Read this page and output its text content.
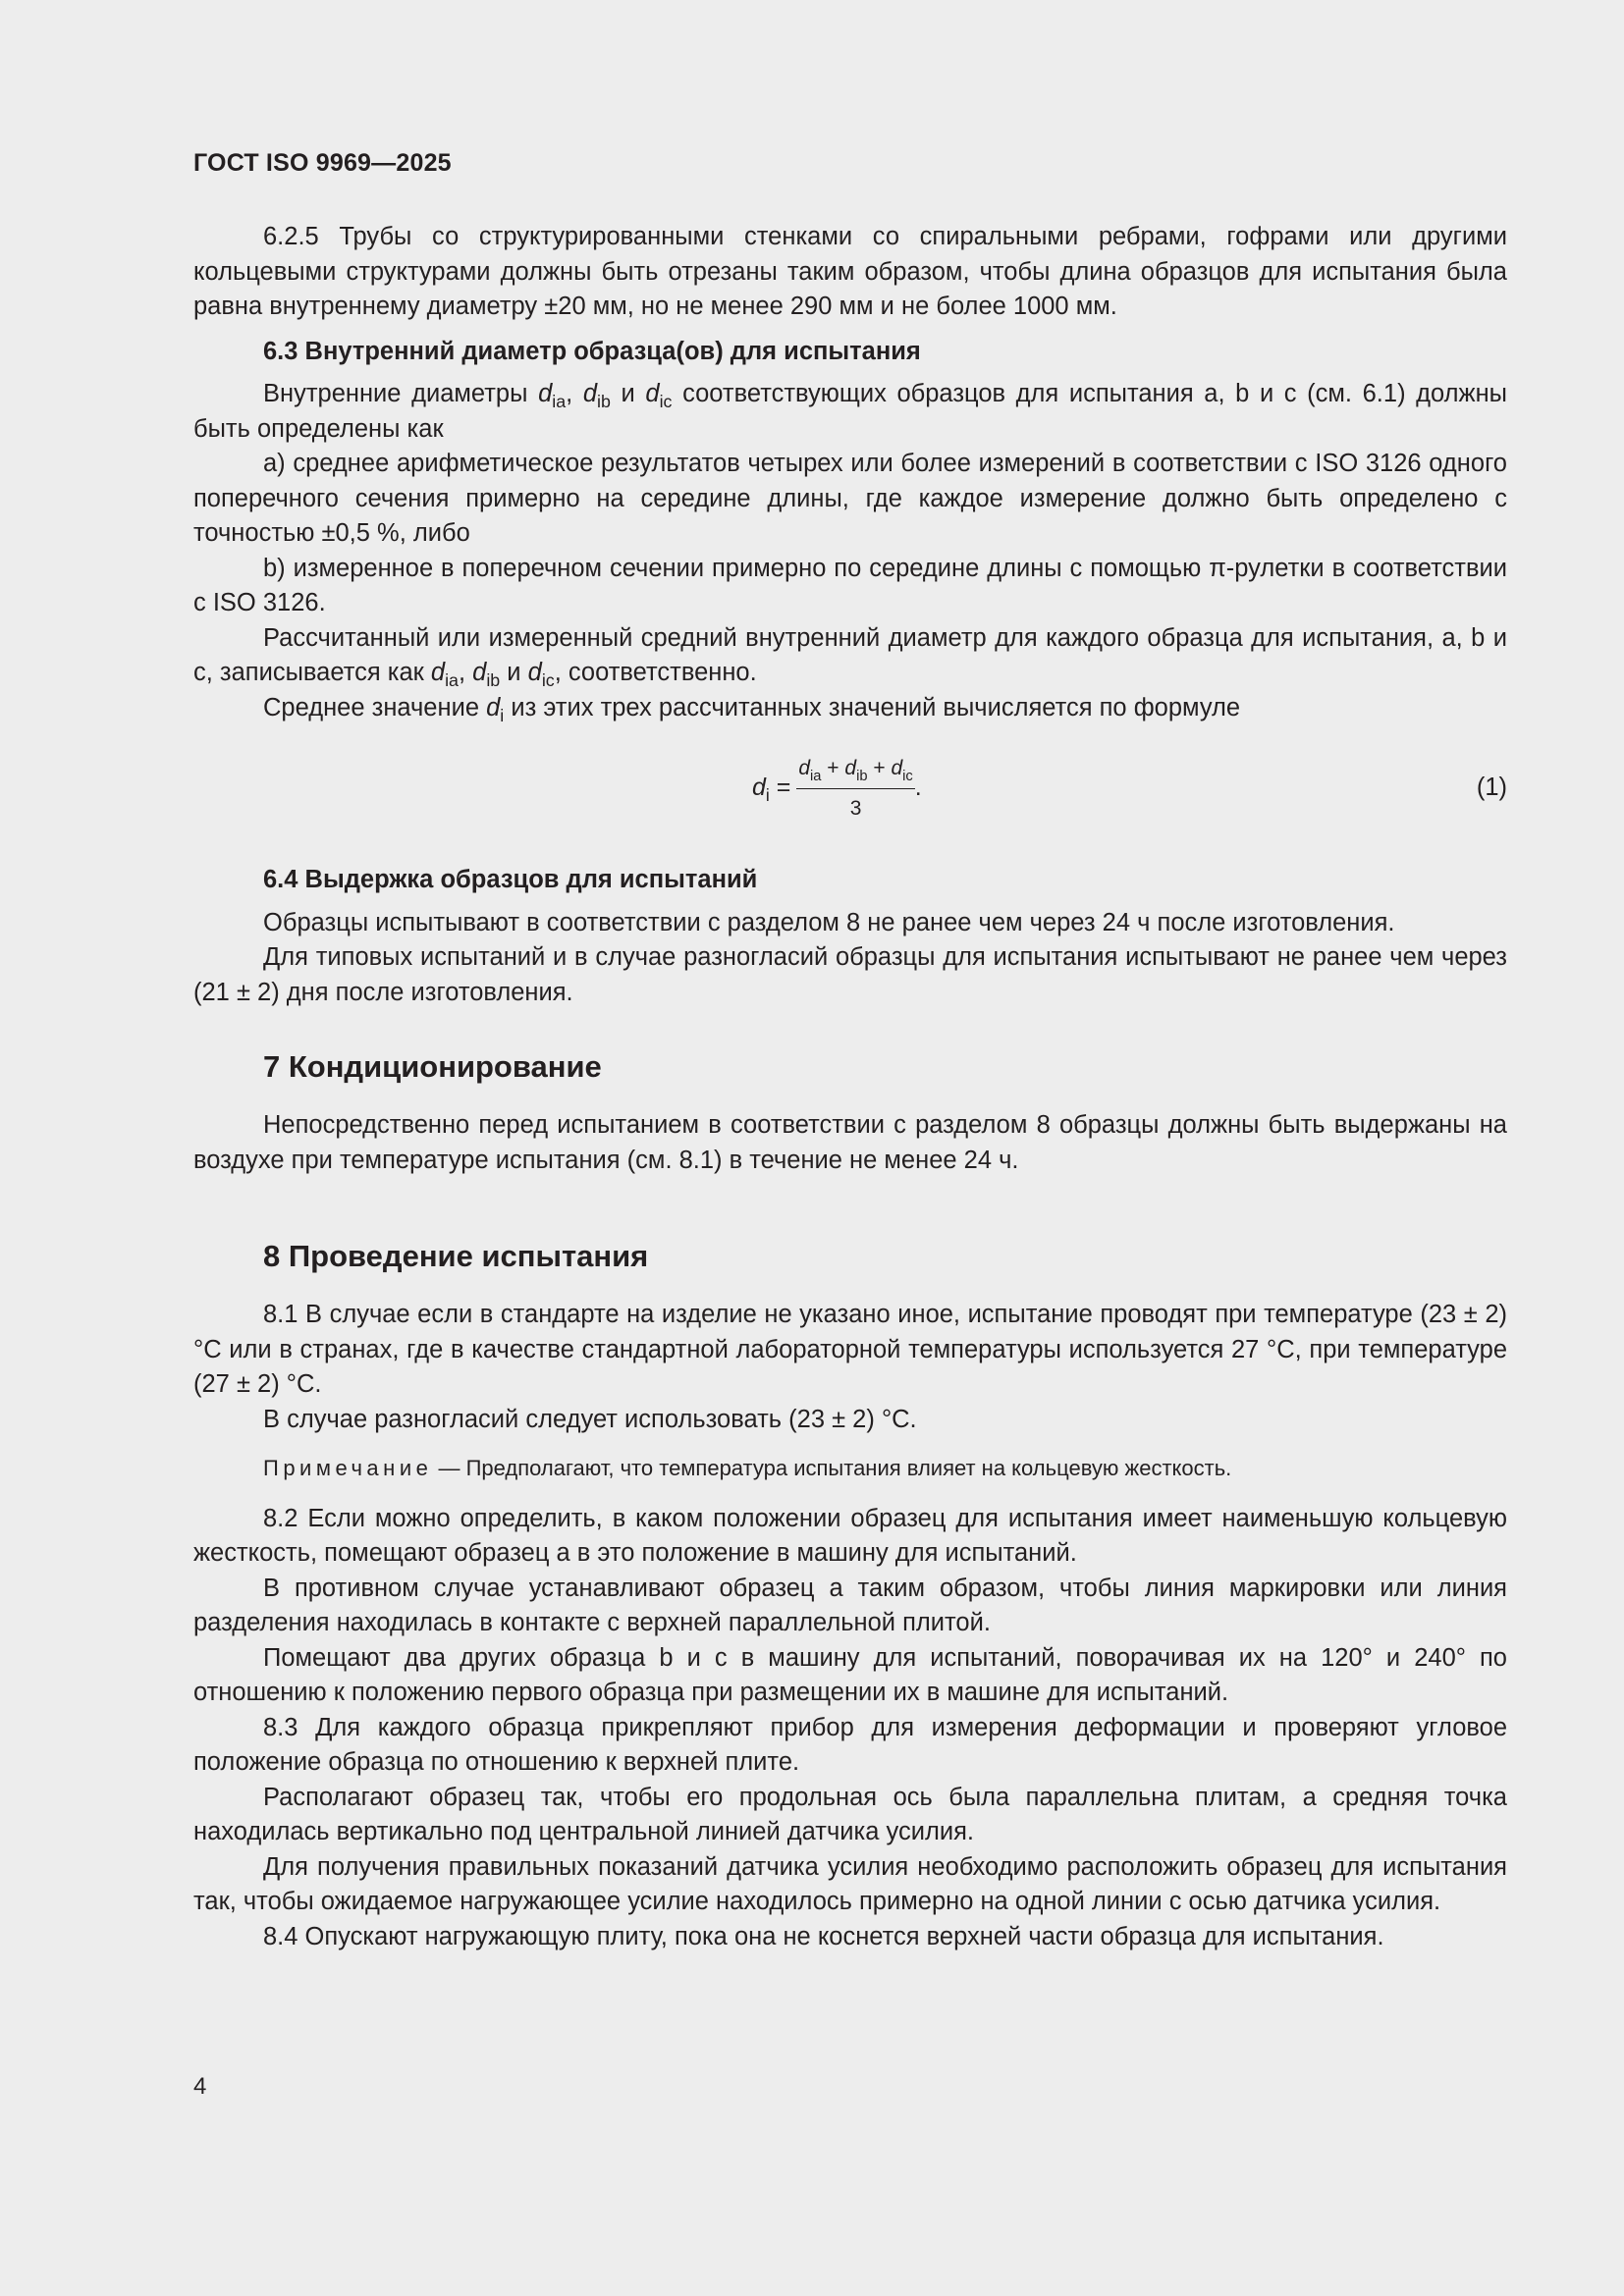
ГОСТ ISO 9969—2025

6.2.5 Трубы со структурированными стенками со спиральными ребрами, гофрами или другими кольцевыми структурами должны быть отрезаны таким образом, чтобы длина образцов для испытания была равна внутреннему диаметру ±20 мм, но не менее 290 мм и не более 1000 мм.

6.3 Внутренний диаметр образца(ов) для испытания

Внутренние диаметры $d_{ia}$, $d_{ib}$ и $d_{ic}$ соответствующих образцов для испытания a, b и c (см. 6.1) должны быть определены как

a) среднее арифметическое результатов четырех или более измерений в соответствии с ISO 3126 одного поперечного сечения примерно на середине длины, где каждое измерение должно быть определено с точностью ±0,5 %, либо

b) измеренное в поперечном сечении примерно по середине длины с помощью π-рулетки в соответствии с ISO 3126.

Рассчитанный или измеренный средний внутренний диаметр для каждого образца для испытания, a, b и c, записывается как $d_{ia}$, $d_{ib}$ и $d_{ic}$, соответственно.

Среднее значение $d_i$ из этих трех рассчитанных значений вычисляется по формуле

$d_i = \frac{d_{ia} + d_{ib} + d_{ic}}{3}$ .	(1)

6.4 Выдержка образцов для испытаний

Образцы испытывают в соответствии с разделом 8 не ранее чем через 24 ч после изготовления.

Для типовых испытаний и в случае разногласий образцы для испытания испытывают не ранее чем через (21 ± 2) дня после изготовления.

7 Кондиционирование

Непосредственно перед испытанием в соответствии с разделом 8 образцы должны быть выдержаны на воздухе при температуре испытания (см. 8.1) в течение не менее 24 ч.

8 Проведение испытания

8.1 В случае если в стандарте на изделие не указано иное, испытание проводят при температуре (23 ± 2) °С или в странах, где в качестве стандартной лабораторной температуры используется 27 °С, при температуре (27 ± 2) °С.

В случае разногласий следует использовать (23 ± 2) °С.

Примечание — Предполагают, что температура испытания влияет на кольцевую жесткость.

8.2 Если можно определить, в каком положении образец для испытания имеет наименьшую кольцевую жесткость, помещают образец a в это положение в машину для испытаний.

В противном случае устанавливают образец a таким образом, чтобы линия маркировки или линия разделения находилась в контакте с верхней параллельной плитой.

Помещают два других образца b и c в машину для испытаний, поворачивая их на 120° и 240° по отношению к положению первого образца при размещении их в машине для испытаний.

8.3 Для каждого образца прикрепляют прибор для измерения деформации и проверяют угловое положение образца по отношению к верхней плите.

Располагают образец так, чтобы его продольная ось была параллельна плитам, а средняя точка находилась вертикально под центральной линией датчика усилия.

Для получения правильных показаний датчика усилия необходимо расположить образец для испытания так, чтобы ожидаемое нагружающее усилие находилось примерно на одной линии с осью датчика усилия.

8.4 Опускают нагружающую плиту, пока она не коснется верхней части образца для испытания.

4
